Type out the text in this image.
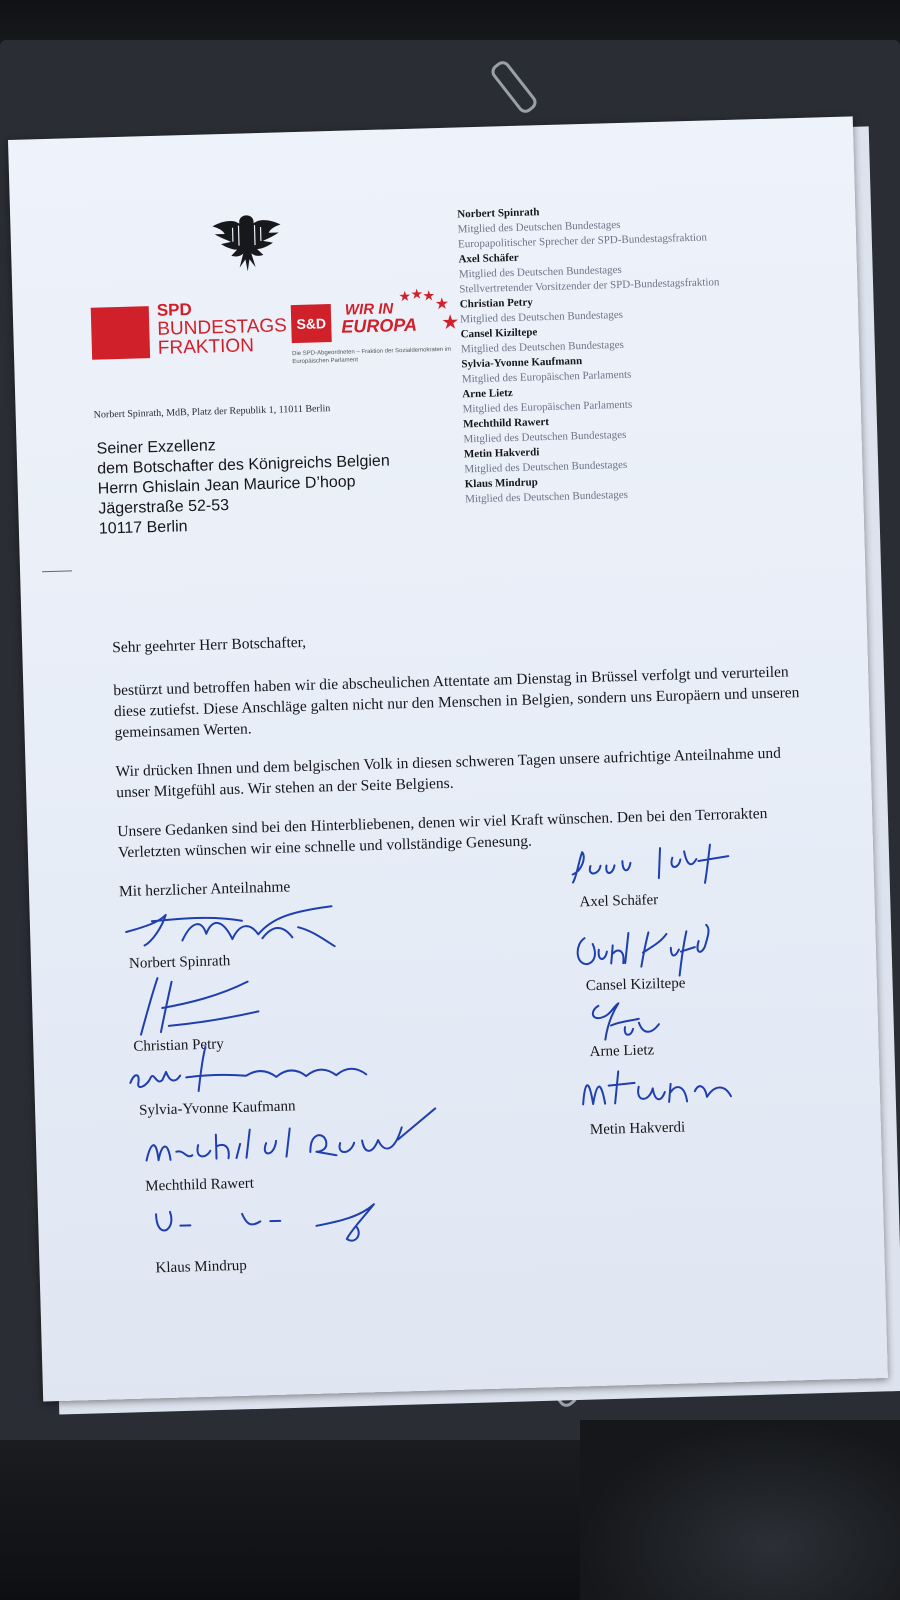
SPD
BUNDESTAGS
FRAKTION
S&D
WIR IN
EUROPA
★
★ ★ ★
★
Die SPD-Abgeordneten – Fraktion der Sozialdemokraten im Europäischen Parlament
Norbert Spinrath, MdB, Platz der Republik 1, 11011 Berlin
Seiner Exzellenz
dem Botschafter des Königreichs Belgien
Herrn Ghislain Jean Maurice D’hoop
Jägerstraße 52-53
10117 Berlin
Norbert Spinrath
Mitglied des Deutschen Bundestages
Europapolitischer Sprecher der SPD-Bundestagsfraktion
Axel Schäfer
Mitglied des Deutschen Bundestages
Stellvertretender Vorsitzender der SPD-Bundestagsfraktion
Christian Petry
Mitglied des Deutschen Bundestages
Cansel Kiziltepe
Mitglied des Deutschen Bundestages
Sylvia-Yvonne Kaufmann
Mitglied des Europäischen Parlaments
Arne Lietz
Mitglied des Europäischen Parlaments
Mechthild Rawert
Mitglied des Deutschen Bundestages
Metin Hakverdi
Mitglied des Deutschen Bundestages
Klaus Mindrup
Mitglied des Deutschen Bundestages

Sehr geehrter Herr Botschafter,

bestürzt und betroffen haben wir die abscheulichen Attentate am Dienstag in Brüssel verfolgt und verurteilen diese zutiefst. Diese Anschläge galten nicht nur den Menschen in Belgien, sondern uns Europäern und unseren gemeinsamen Werten.

Wir drücken Ihnen und dem belgischen Volk in diesen schweren Tagen unsere aufrichtige Anteilnahme und unser Mitgefühl aus. Wir stehen an der Seite Belgiens.

Unsere Gedanken sind bei den Hinterbliebenen, denen wir viel Kraft wünschen. Den bei den Terrorakten Verletzten wünschen wir eine schnelle und vollständige Genesung.

Mit herzlicher Anteilnahme

Norbert Spinrath
Christian Petry
Sylvia-Yvonne Kaufmann
Mechthild Rawert
Klaus Mindrup
Axel Schäfer
Cansel Kiziltepe
Arne Lietz
Metin Hakverdi
